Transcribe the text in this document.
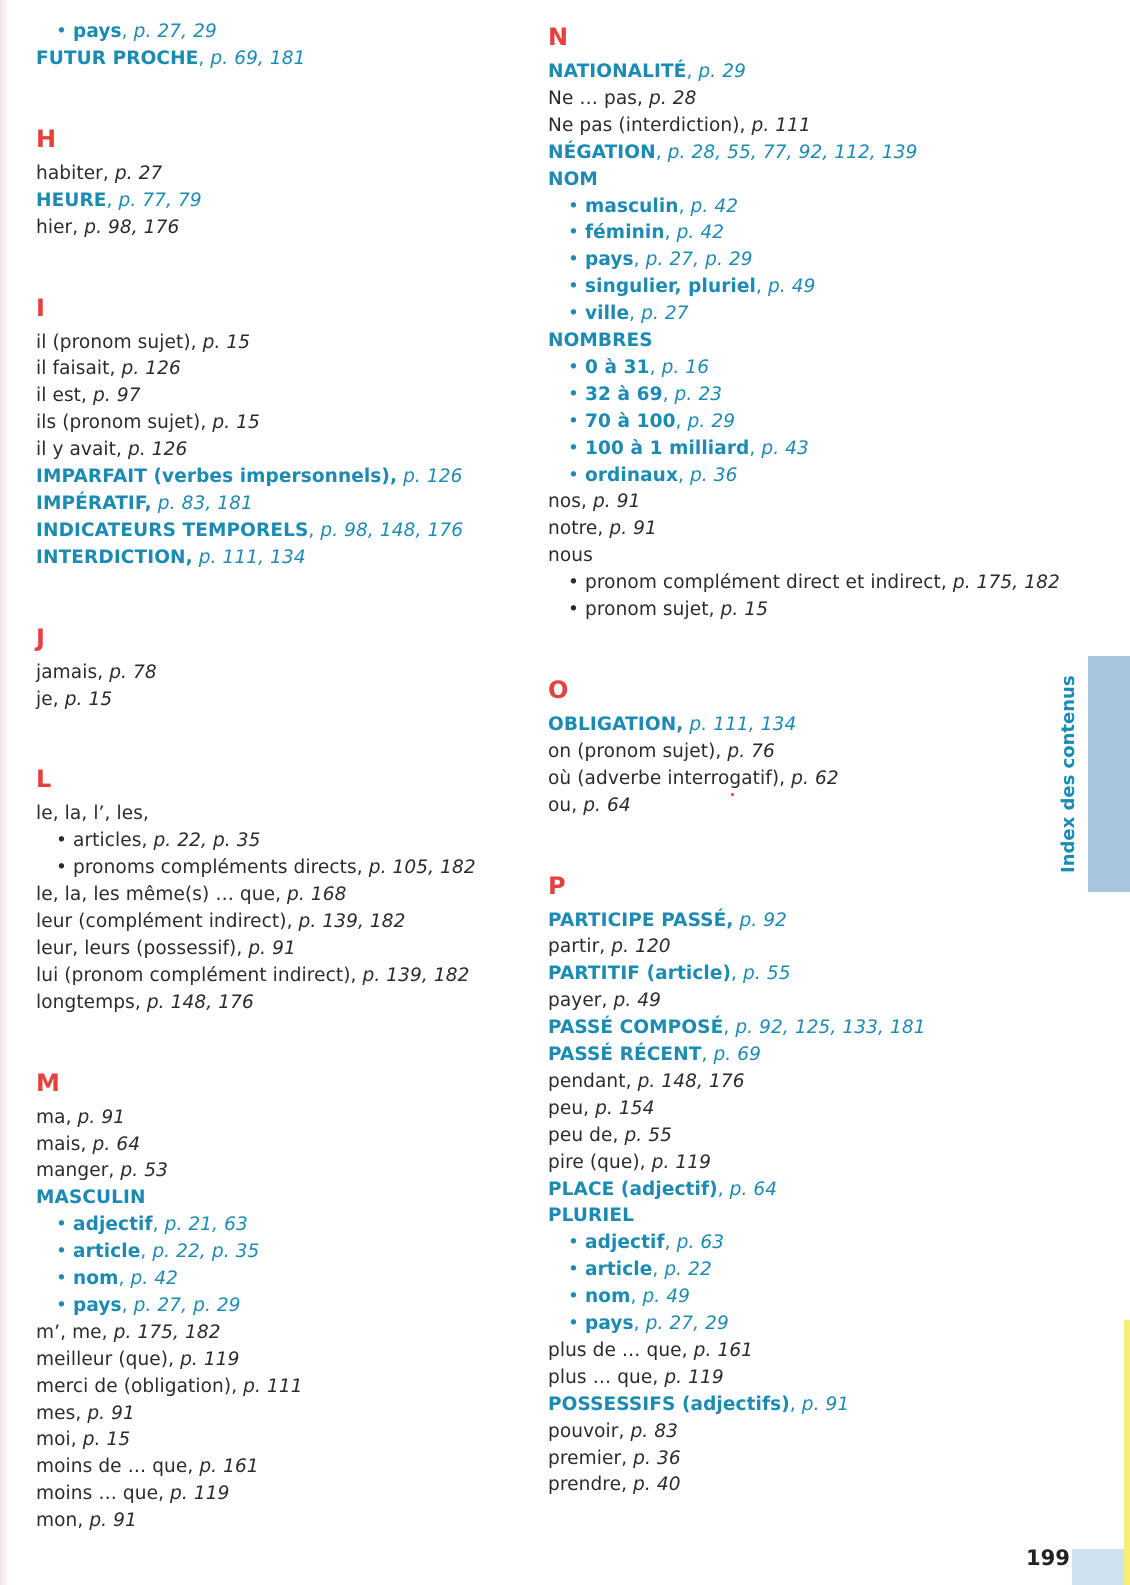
• pays, p. 27, 29
FUTUR PROCHE, p. 69, 181
H
habiter, p. 27
HEURE, p. 77, 79
hier, p. 98, 176
I
il (pronom sujet), p. 15
il faisait, p. 126
il est, p. 97
ils (pronom sujet), p. 15
il y avait, p. 126
IMPARFAIT (verbes impersonnels), p. 126
IMPÉRATIF, p. 83, 181
INDICATEURS TEMPORELS, p. 98, 148, 176
INTERDICTION, p. 111, 134
J
jamais, p. 78
je, p. 15
L
le, la, l’, les,
• articles, p. 22, p. 35
• pronoms compléments directs, p. 105, 182
le, la, les même(s) … que, p. 168
leur (complément indirect), p. 139, 182
leur, leurs (possessif), p. 91
lui (pronom complément indirect), p. 139, 182
longtemps, p. 148, 176
M
ma, p. 91
mais, p. 64
manger, p. 53
MASCULIN
• adjectif, p. 21, 63
• article, p. 22, p. 35
• nom, p. 42
• pays, p. 27, p. 29
m’, me, p. 175, 182
meilleur (que), p. 119
merci de (obligation), p. 111
mes, p. 91
moi, p. 15
moins de … que, p. 161
moins … que, p. 119
mon, p. 91
N
NATIONALITÉ, p. 29
Ne … pas, p. 28
Ne pas (interdiction), p. 111
NÉGATION, p. 28, 55, 77, 92, 112, 139
NOM
• masculin, p. 42
• féminin, p. 42
• pays, p. 27, p. 29
• singulier, pluriel, p. 49
• ville, p. 27
NOMBRES
• 0 à 31, p. 16
• 32 à 69, p. 23
• 70 à 100, p. 29
• 100 à 1 milliard, p. 43
• ordinaux, p. 36
nos, p. 91
notre, p. 91
nous
• pronom complément direct et indirect, p. 175, 182
• pronom sujet, p. 15
O
OBLIGATION, p. 111, 134
on (pronom sujet), p. 76
où (adverbe interrogatif), p. 62
ou, p. 64
P
PARTICIPE PASSÉ, p. 92
partir, p. 120
PARTITIF (article), p. 55
payer, p. 49
PASSÉ COMPOSÉ, p. 92, 125, 133, 181
PASSÉ RÉCENT, p. 69
pendant, p. 148, 176
peu, p. 154
peu de, p. 55
pire (que), p. 119
PLACE (adjectif), p. 64
PLURIEL
• adjectif, p. 63
• article, p. 22
• nom, p. 49
• pays, p. 27, 29
plus de … que, p. 161
plus … que, p. 119
POSSESSIFS (adjectifs), p. 91
pouvoir, p. 83
premier, p. 36
prendre, p. 40
Index des contenus
199
